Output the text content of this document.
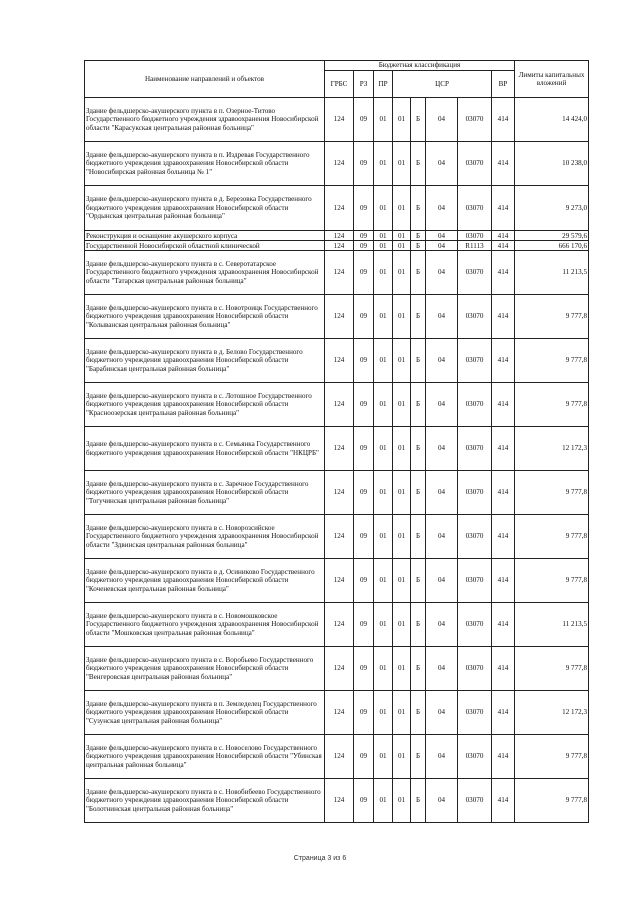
Наименование направлений и объектов	Бюджетная классификация								Лимиты капитальных вложений
	ГРБС	РЗ	ПР	ЦСР				ВР	
Здание фельдшерско-акушерского пункта в п. Озерное-Титово Государственного бюджетного учреждения здравоохранения Новосибирской области "Карасукская центральная районная больница"	124	09	01	01	Б	04	03070	414	14 424,0
Здание фельдшерско-акушерского пункта в п. Издревая Государственного бюджетного учреждения здравоохранения Новосибирской области "Новосибирская районная больница № 1"	124	09	01	01	Б	04	03070	414	10 238,0
Здание фельдшерско-акушерского пункта в д. Березовка Государственного бюджетного учреждения здравоохранения Новосибирской области "Ордынская центральная районная больница"	124	09	01	01	Б	04	03070	414	9 273,0
Реконструкция и оснащение акушерского корпуса	124	09	01	01	Б	04	03070	414	29 579,6
Государственной Новосибирской областной клинической	124	09	01	01	Б	04	R1113	414	666 170,6
Здание фельдшерско-акушерского пункта в с. Северотатарское Государственного бюджетного учреждения здравоохранения Новосибирской области "Татарская центральная районная больница"	124	09	01	01	Б	04	03070	414	11 213,5
Здание фельдшерско-акушерского пункта в с. Новотроицк Государственного бюджетного учреждения здравоохранения Новосибирской области "Колыванская центральная районная больница"	124	09	01	01	Б	04	03070	414	9 777,8
Здание фельдшерско-акушерского пункта в д. Белово Государственного бюджетного учреждения здравоохранения Новосибирской области "Барабинская центральная районная больница"	124	09	01	01	Б	04	03070	414	9 777,8
Здание фельдшерско-акушерского пункта в с. Лотошное Государственного бюджетного учреждения здравоохранения Новосибирской области "Красноозерская центральная районная больница"	124	09	01	01	Б	04	03070	414	9 777,8
Здание фельдшерско-акушерского пункта в с. Семьянка Государственного бюджетного учреждения здравоохранения Новосибирской области "НКЦРБ"	124	09	01	01	Б	04	03070	414	12 172,3
Здание фельдшерско-акушерского пункта в с. Заречное Государственного бюджетного учреждения здравоохранения Новосибирской области "Тогучинская центральная районная больница"	124	09	01	01	Б	04	03070	414	9 777,8
Здание фельдшерско-акушерского пункта в с. Новорозсийское Государственного бюджетного учреждения здравоохранения Новосибирской области "Здвинская центральная районная больница"	124	09	01	01	Б	04	03070	414	9 777,8
Здание фельдшерско-акушерского пункта в д. Осиниково Государственного бюджетного учреждения здравоохранения Новосибирской области "Коченевская центральная районная больница"	124	09	01	01	Б	04	03070	414	9 777,8
Здание фельдшерско-акушерского пункта в с. Новомошковское Государственного бюджетного учреждения здравоохранения Новосибирской области "Мошковская центральная районная больница"	124	09	01	01	Б	04	03070	414	11 213,5
Здание фельдшерско-акушерского пункта в с. Воробьево Государственного бюджетного учреждения здравоохранения Новосибирской области "Венгеровская центральная районная больница"	124	09	01	01	Б	04	03070	414	9 777,8
Здание фельдшерско-акушерского пункта в п. Земледелец Государственного бюджетного учреждения здравоохранения Новосибирской области "Сузунская центральная районная больница"	124	09	01	01	Б	04	03070	414	12 172,3
Здание фельдшерско-акушерского пункта в с. Новоселово Государственного бюджетного учреждения здравоохранения Новосибирской области "Убинская центральная районная больница"	124	09	01	01	Б	04	03070	414	9 777,8
Здание фельдшерско-акушерского пункта в с. Новобибеево Государственного бюджетного учреждения здравоохранения Новосибирской области "Болотнинская центральная районная больница"	124	09	01	01	Б	04	03070	414	9 777,8
Страница 3 из 6
